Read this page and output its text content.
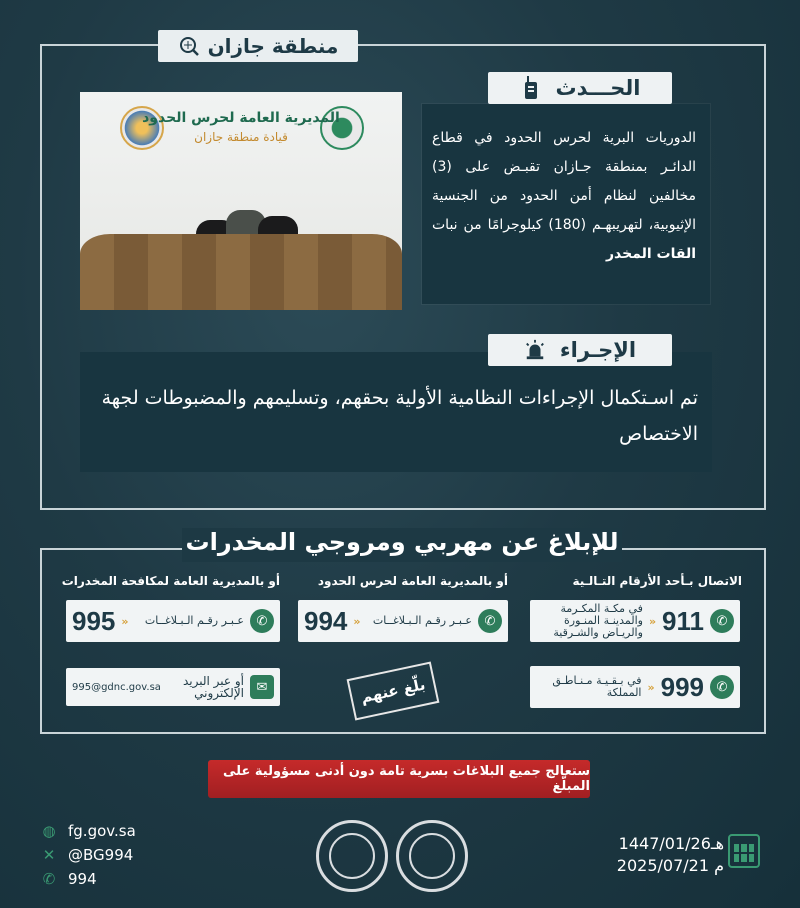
منطقة جازان
المديرية العامة لحرس الحدود
قيادة منطقة جازان	الدوريات البرية لحرس الحدود في قطاع الدائـر بمنطقة جـازان تقبـض على (3) مخالفين لنظام أمن الحدود من الجنسية الإثيوبية، لتهريبهـم (180) كيلوجرامًا من نبات القات المخدر
الحـــدث
تم اسـتكمال الإجراءات النظامية الأولية بحقهم، وتسليمهم والمضبوطات لجهة الاختصاص
الإجـراء
للإبلاغ عن مهربي ومروجي المخدرات
الاتصال بـأحد الأرقام التـالـية
أو بالمديرية العامة لحرس الحدود
أو بالمديرية العامة لمكافحة المخدرات
✆
911
«
في مكـة المكـرمة والمدينـة المنـورة والريـاض والشـرقية
✆
999
«
في بـقـيـة مـنـاطـق المملكة
✆
عـبـر رقـم الـبـلاغــات
«
994
✆
عـبـر رقـم الـبـلاغــات
«
995
✉
أو عبر البريد الإلكتروني
995@gdnc.gov.sa	بلّغ عنهم
ستعالج جميع البلاغات بسرية تامة دون أدنى مسؤولية على المبلّغ
◍ fg.gov.sa
✕ @BG994
✆ 994
1447/01/26هـ
2025/07/21 م
